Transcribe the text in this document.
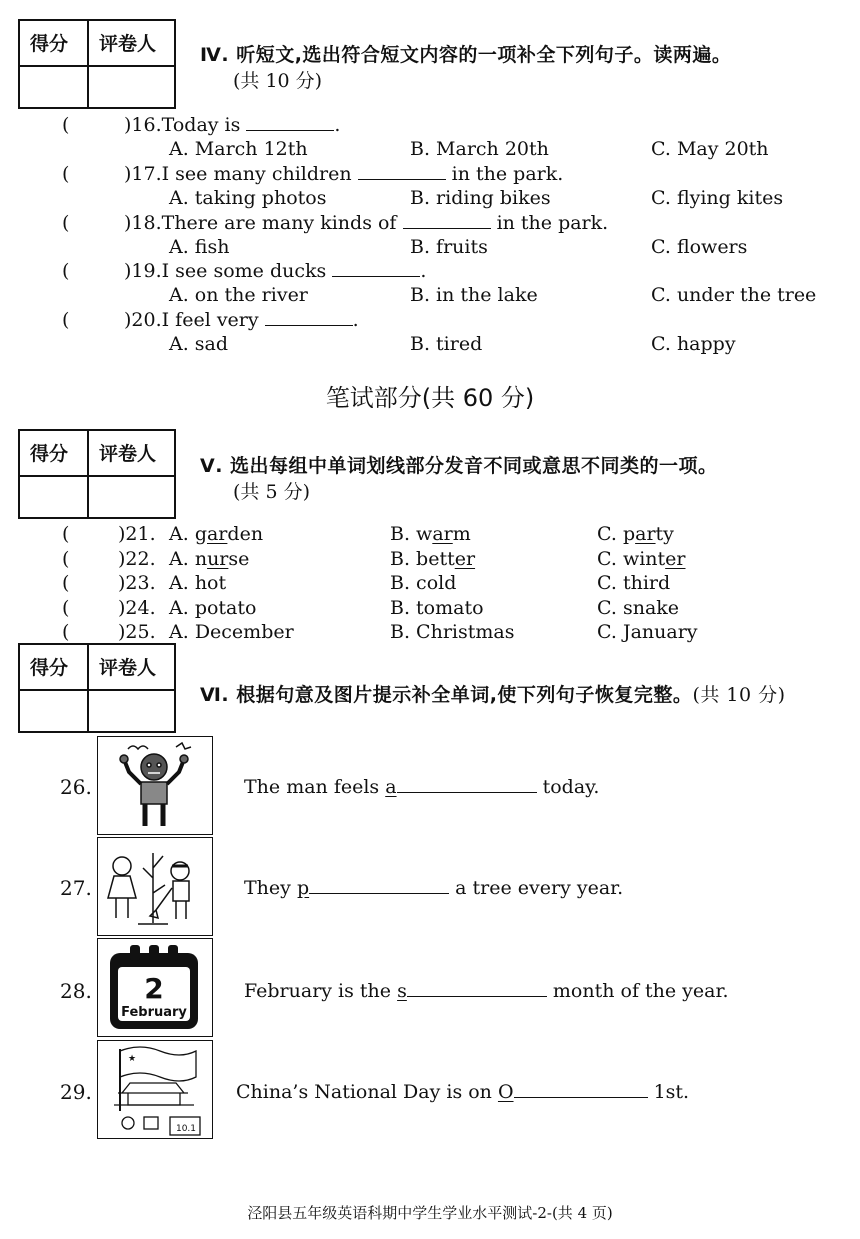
得分 评卷人 Ⅳ. 听短文,选出符合短文内容的一项补全下列句子。读两遍。
(共 10 分)
(	)16.Today is	.
A. March 12th	B. March 20th	C. May 20th
(	)17.I see many children	in the park.
A. taking photos	B. riding bikes	C. flying kites
(	)18.There are many kinds of	in the park.
A. fish	B. fruits	C. flowers
(	)19.I see some ducks	.
A. on the river	B. in the lake	C. under the tree
(	)20.I feel very	.
A. sad	B. tired	C. happy
笔试部分(共 60 分)
得分 评卷人
Ⅴ. 选出每组中单词划线部分发音不同或意思不同类的一项。
(共 5 分)
(	)21. A. garden	B. warm	C. party
(	)22. A. nurse	B. better	C. winter
(	)23. A. hot	B. cold	C. third
(	)24. A. potato	B. tomato	C. snake
(	)25. A. December	B. Christmas	C. January
得分 评卷人
Ⅵ. 根据句意及图片提示补全单词,使下列句子恢复完整。(共 10 分)
26.	The man feels a	today.
27.	They p	a tree every year.
28. 2
February
February is the s	month of the year.
29.
★
10.1
China’s National Day is on O	1st.
泾阳县五年级英语科期中学生学业水平测试-2-(共 4 页)
